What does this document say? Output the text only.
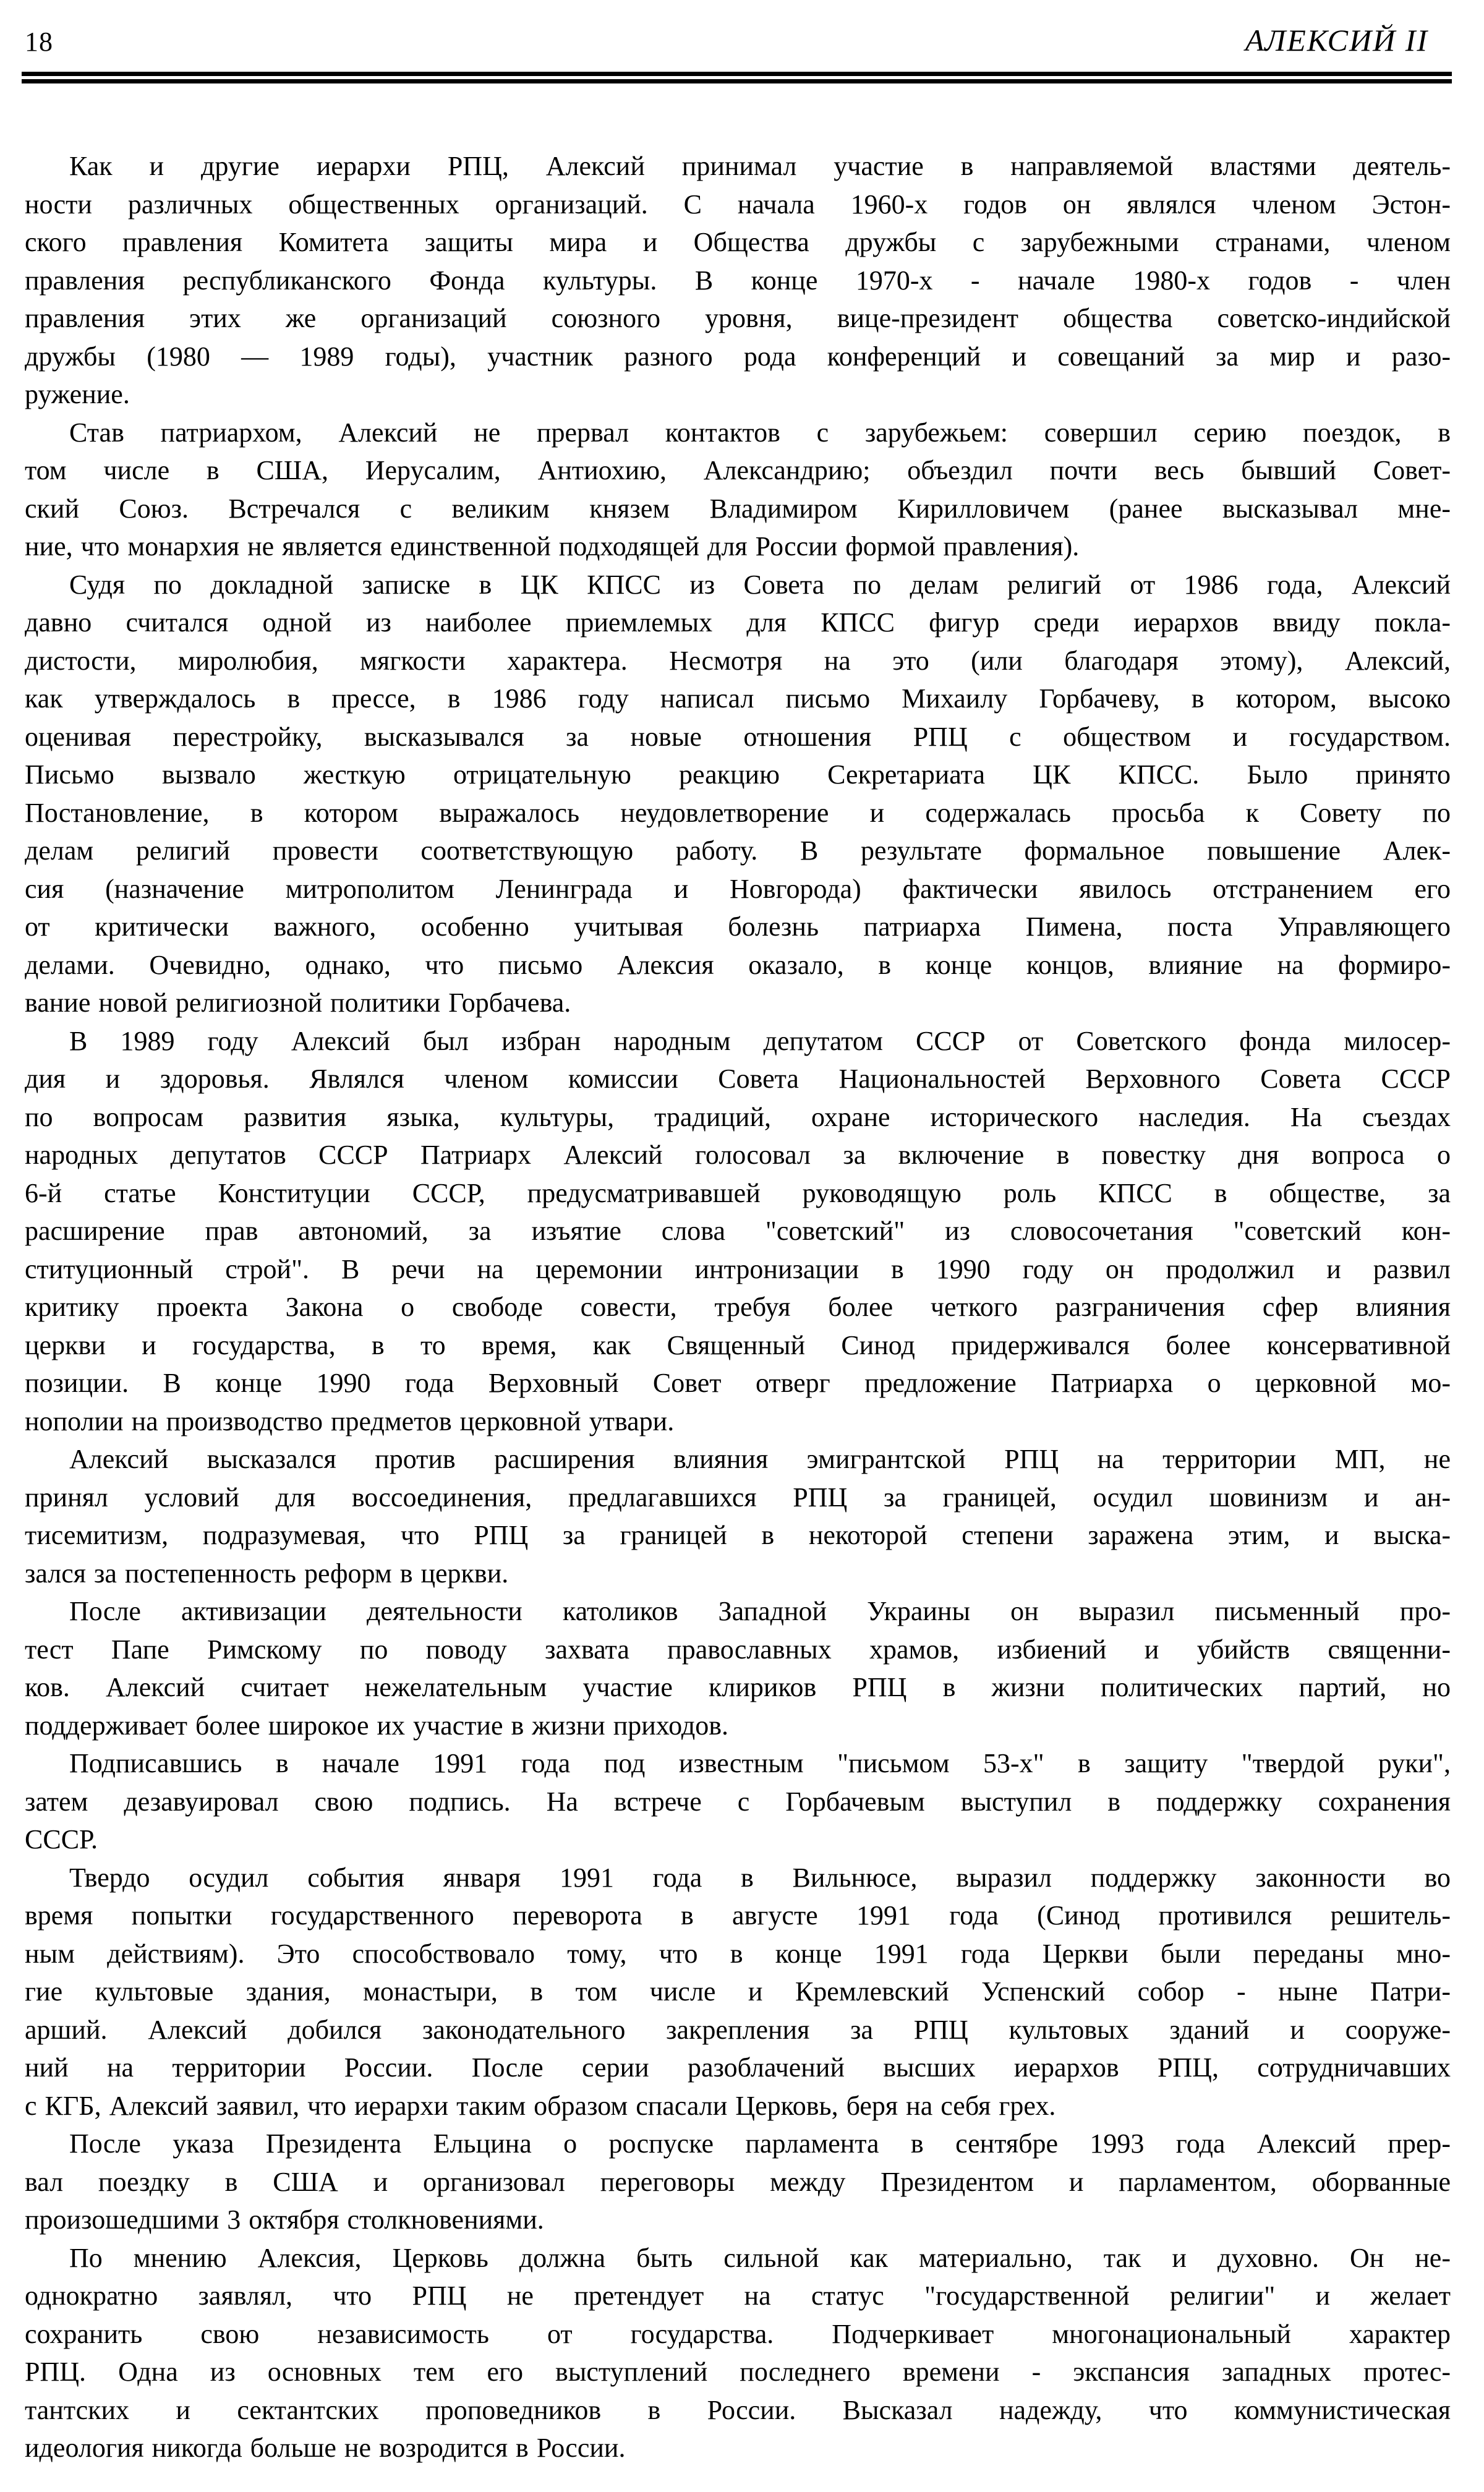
18	АЛЕКСИЙ II
Как и другие иерархи РПЦ, Алексий принимал участие в направляемой властями деятель-
ности различных общественных организаций. С начала 1960-х годов он являлся членом Эстон-
ского правления Комитета защиты мира и Общества дружбы с зарубежными странами, членом
правления республиканского Фонда культуры. В конце 1970-х - начале 1980-х годов - член
правления этих же организаций союзного уровня, вице-президент общества советско-индийской
дружбы (1980 — 1989 годы), участник разного рода конференций и совещаний за мир и разо-
ружение.
Став патриархом, Алексий не прервал контактов с зарубежьем: совершил серию поездок, в
том числе в США, Иерусалим, Антиохию, Александрию; объездил почти весь бывший Совет-
ский Союз. Встречался с великим князем Владимиром Кирилловичем (ранее высказывал мне-
ние, что монархия не является единственной подходящей для России формой правления).
Судя по докладной записке в ЦК КПСС из Совета по делам религий от 1986 года, Алексий
давно считался одной из наиболее приемлемых для КПСС фигур среди иерархов ввиду покла-
дистости, миролюбия, мягкости характера. Несмотря на это (или благодаря этому), Алексий,
как утверждалось в прессе, в 1986 году написал письмо Михаилу Горбачеву, в котором, высоко
оценивая перестройку, высказывался за новые отношения РПЦ с обществом и государством.
Письмо вызвало жесткую отрицательную реакцию Секретариата ЦК КПСС. Было принято
Постановление, в котором выражалось неудовлетворение и содержалась просьба к Совету по
делам религий провести соответствующую работу. В результате формальное повышение Алек-
сия (назначение митрополитом Ленинграда и Новгорода) фактически явилось отстранением его
от критически важного, особенно учитывая болезнь патриарха Пимена, поста Управляющего
делами. Очевидно, однако, что письмо Алексия оказало, в конце концов, влияние на формиро-
вание новой религиозной политики Горбачева.
В 1989 году Алексий был избран народным депутатом СССР от Советского фонда милосер-
дия и здоровья. Являлся членом комиссии Совета Национальностей Верховного Совета СССР
по вопросам развития языка, культуры, традиций, охране исторического наследия. На съездах
народных депутатов СССР Патриарх Алексий голосовал за включение в повестку дня вопроса о
6-й статье Конституции СССР, предусматривавшей руководящую роль КПСС в обществе, за
расширение прав автономий, за изъятие слова "советский" из словосочетания "советский кон-
ституционный строй". В речи на церемонии интронизации в 1990 году он продолжил и развил
критику проекта Закона о свободе совести, требуя более четкого разграничения сфер влияния
церкви и государства, в то время, как Священный Синод придерживался более консервативной
позиции. В конце 1990 года Верховный Совет отверг предложение Патриарха о церковной мо-
нополии на производство предметов церковной утвари.
Алексий высказался против расширения влияния эмигрантской РПЦ на территории МП, не
принял условий для воссоединения, предлагавшихся РПЦ за границей, осудил шовинизм и ан-
тисемитизм, подразумевая, что РПЦ за границей в некоторой степени заражена этим, и выска-
зался за постепенность реформ в церкви.
После активизации деятельности католиков Западной Украины он выразил письменный про-
тест Папе Римскому по поводу захвата православных храмов, избиений и убийств священни-
ков. Алексий считает нежелательным участие клириков РПЦ в жизни политических партий, но
поддерживает более широкое их участие в жизни приходов.
Подписавшись в начале 1991 года под известным "письмом 53-х" в защиту "твердой руки",
затем дезавуировал свою подпись. На встрече с Горбачевым выступил в поддержку сохранения
СССР.
Твердо осудил события января 1991 года в Вильнюсе, выразил поддержку законности во
время попытки государственного переворота в августе 1991 года (Синод противился решитель-
ным действиям). Это способствовало тому, что в конце 1991 года Церкви были переданы мно-
гие культовые здания, монастыри, в том числе и Кремлевский Успенский собор - ныне Патри-
арший. Алексий добился законодательного закрепления за РПЦ культовых зданий и сооруже-
ний на территории России. После серии разоблачений высших иерархов РПЦ, сотрудничавших
с КГБ, Алексий заявил, что иерархи таким образом спасали Церковь, беря на себя грех.
После указа Президента Ельцина о роспуске парламента в сентябре 1993 года Алексий прер-
вал поездку в США и организовал переговоры между Президентом и парламентом, оборванные
произошедшими 3 октября столкновениями.
По мнению Алексия, Церковь должна быть сильной как материально, так и духовно. Он не-
однократно заявлял, что РПЦ не претендует на статус "государственной религии" и желает
сохранить свою независимость от государства. Подчеркивает многонациональный характер
РПЦ. Одна из основных тем его выступлений последнего времени - экспансия западных протес-
тантских и сектантских проповедников в России. Высказал надежду, что коммунистическая
идеология никогда больше не возродится в России.
